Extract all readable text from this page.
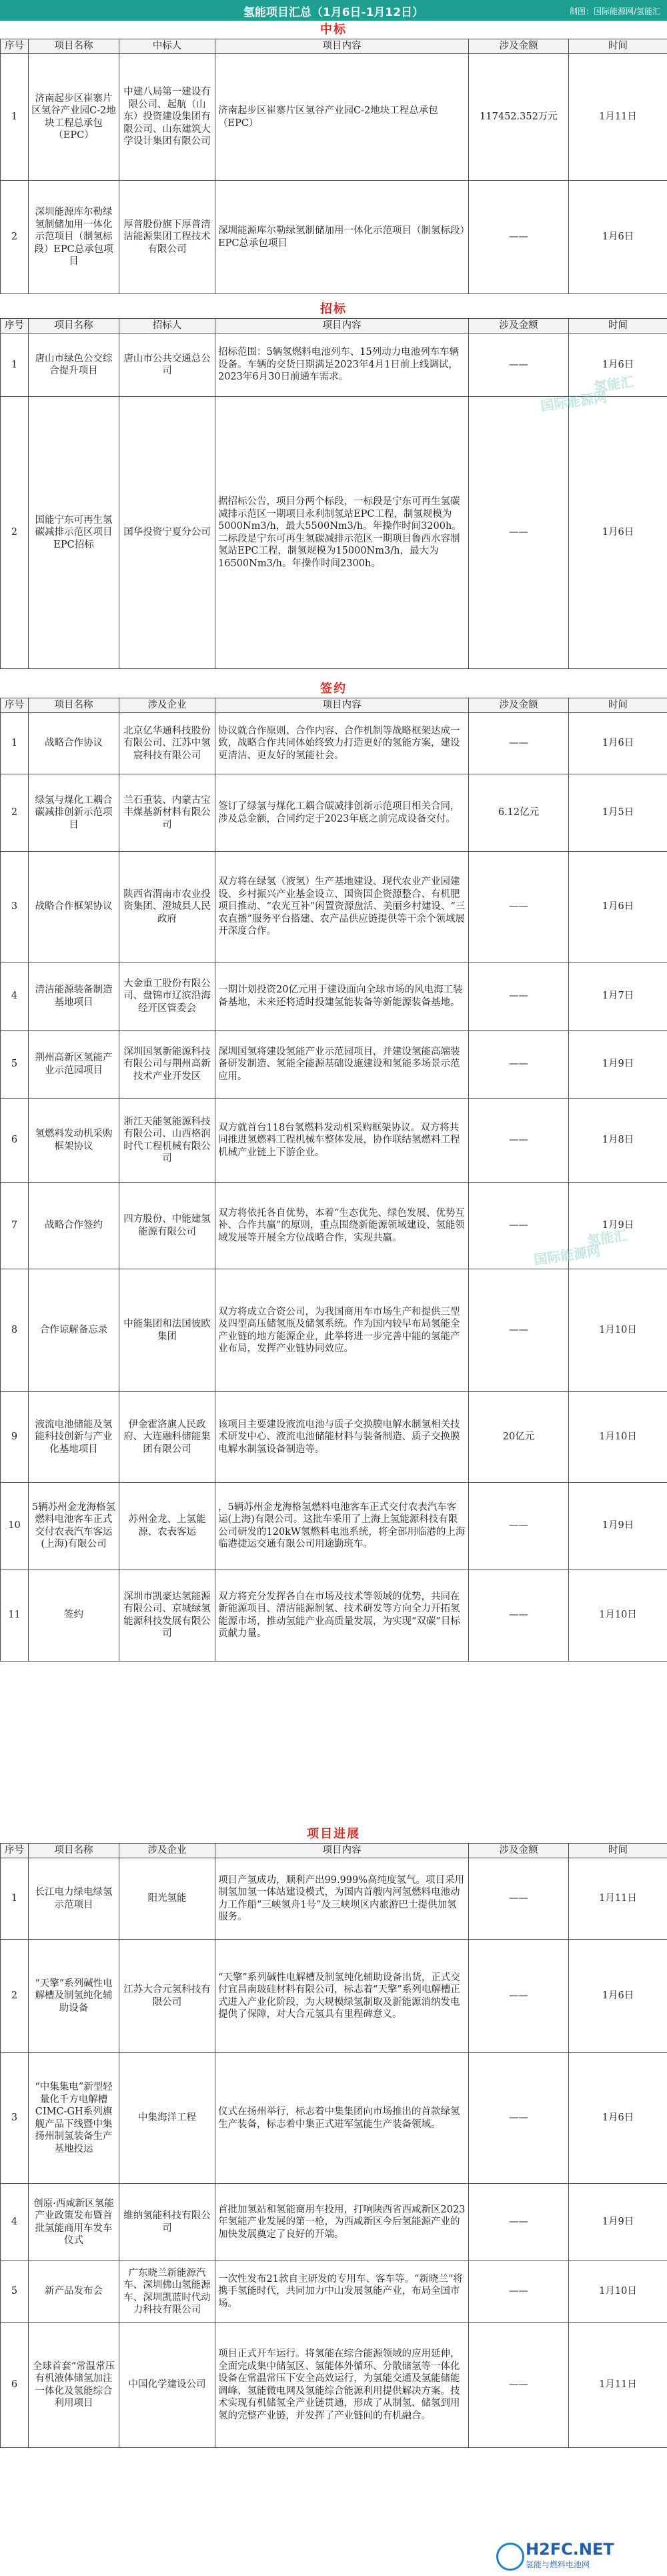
氢能项目汇总（1月6日-1月12日）	制图：国际能源网/氢能汇
中标
序号	项目名称	中标人	项目内容	涉及金额	时间
1	济南起步区崔寨片区氢谷产业园C-2地块工程总承包（EPC）	中建八局第一建设有限公司、起航（山东）投资建设集团有限公司、山东建筑大学设计集团有限公司	济南起步区崔寨片区氢谷产业园C-2地块工程总承包（EPC）	117452.352万元	1月11日
2	深圳能源库尔勒绿氢制储加用一体化示范项目（制氢标段）EPC总承包项目	厚普股份旗下厚普清洁能源集团工程技术有限公司	深圳能源库尔勒绿氢制储加用一体化示范项目（制氢标段）EPC总承包项目	——	1月6日
招标
序号	项目名称	招标人	项目内容	涉及金额	时间
1	唐山市绿色公交综合提升项目	唐山市公共交通总公司	招标范围：5辆氢燃料电池列车、15列动力电池列车车辆设备。车辆的交货日期满足2023年4月1日前上线调试，2023年6月30日前通车需求。	——	1月6日
2	国能宁东可再生氢碳减排示范区项目EPC招标	国华投资宁夏分公司	据招标公告，项目分两个标段，一标段是宁东可再生氢碳减排示范区一期项目永利制氢站EPC工程，制氢规模为5000Nm3/h，最大5500Nm3/h。年操作时间3200h。二标段是宁东可再生氢碳减排示范区一期项目鲁西水容制氢站EPC工程，制氢规模为15000Nm3/h，最大为16500Nm3/h。年操作时间2300h。	——	1月6日
签约
序号	项目名称	涉及企业	项目内容	涉及金额	时间
1	战略合作协议	北京亿华通科技股份有限公司、江苏中氢宸科技有限公司	协议就合作原则、合作内容、合作机制等战略框架达成一致，战略合作共同体始终致力打造更好的氢能方案，建设更清洁、更友好的氢能社会。	——	1月6日
2	绿氢与煤化工耦合碳减排创新示范项目	兰石重装、内蒙古宝丰煤基新材料有限公司	签订了绿氢与煤化工耦合碳减排创新示范项目相关合同，涉及总金额，合同约定于2023年底之前完成设备交付。	6.12亿元	1月5日
3	战略合作框架协议	陕西省渭南市农业投资集团、澄城县人民政府	双方将在绿氢（液氢）生产基地建设、现代农业产业园建设、乡村振兴产业基金设立、国资国企资源整合、有机肥项目推动、“农光互补”闲置资源盘活、美丽乡村建设、“三农直播”服务平台搭建、农产品供应链提供等干余个领域展开深度合作。	——	1月6日
4	清洁能源装备制造基地项目	大金重工股份有限公司、盘锦市辽滨沿海经开区管委会	一期计划投资20亿元用于建设面向全球市场的风电海工装备基地，未来还将适时投建氢能装备等新能源装备基地。	——	1月7日
5	荆州高新区氢能产业示范园项目	深圳国氢新能源科技有限公司与荆州高新技术产业开发区	深圳国氢将建设氢能产业示范园项目，并建设氢能高端装备研发制造、氢能全能源基础设施建设和氢能多场景示范应用。	——	1月9日
6	氢燃料发动机采购框架协议	浙江天能氢能源科技有限公司、山西格润时代工程机械有限公司	双方就首台118台氢燃料发动机采购框架协议。双方将共同推进氢燃料工程机械车整体发展，协作联结氢燃料工程机械产业链上下游企业。	——	1月8日
7	战略合作签约	四方股份、中能建氢能源有限公司	双方将依托各自优势，本着“生态优先、绿色发展、优势互补、合作共赢”的原则，重点围绕新能源领域建设、氢能领域发展等开展全方位战略合作，实现共赢。	——	1月9日
8	合作谅解备忘录	中能集团和法国彼欧集团	双方将成立合资公司，为我国商用车市场生产和提供三型及四型高压储氢瓶及储氢系统。作为国内较早布局氢能全产业链的地方能源企业，此举将进一步完善中能的氢能产业布局，发挥产业链协同效应。	——	1月10日
9	液流电池储能及氢能科技创新与产业化基地项目	伊金霍洛旗人民政府、大连融科储能集团有限公司	该项目主要建设液流电池与质子交换膜电解水制氢相关技术研发中心、液流电池储能材料与装备制造、质子交换膜电解水制氢设备制造等。	20亿元	1月10日
10	5辆苏州金龙海格氢燃料电池客车正式交付农表汽车客运(上海)有限公司	苏州金龙、上氢能源、农表客运	，5辆苏州金龙海格氢燃料电池客车正式交付农表汽车客运(上海)有限公司。这批车采用了上海上氢能源科技有限公司研发的120kW氢燃料电池系统，将全部用临港的上海临港捷运交通有限公司用途勤班车。	——	1月9日
11	签约	深圳市凯豪达氢能源有限公司、京城绿氢能源科技发展有限公司	双方将充分发挥各自在市场及技术等领域的优势，共同在新能源项目、清洁能源制氢、技术研发等方向全力开拓氢能源市场，推动氢能产业高质量发展，为实现“双碳”目标贡献力量。	——	1月10日
项目进展
序号	项目名称	涉及企业	项目内容	涉及金额	时间
1	长江电力绿电绿氢示范项目	阳光氢能	项目产氢成功，顺利产出99.999%高纯度氢气。项目采用制氢加氢一体站建设模式，为国内首艘内河氢燃料电池动力工作船“三峡氢舟1号”及三峡坝区内旅游巴士提供加氢服务。	——	1月11日
2	“天擎”系列碱性电解槽及制氢纯化辅助设备	江苏大合元氢科技有限公司	“天擎”系列碱性电解槽及制氢纯化辅助设备出货，正式交付宜昌南玻硅材料有限公司，标志着“天擎”系列电解槽正式进入产业化阶段，为大规模绿氢制取及新能源消纳发电提供了保障，对大合元氢具有里程碑意义。	——	1月6日
3	“中集集电”新型轻量化千方电解槽CIMC-GH系列旗舰产品下线暨中集扬州制氢装备生产基地投运	中集海洋工程	仪式在扬州举行，标志着中集集团向市场推出的首款绿氢生产装备，标志着中集正式进军氢能生产装备领域。	——	1月6日
4	创原·西咸新区氢能产业政策发布暨首批氢能商用车发车仪式	维纳氢能科技有限公司	首批加氢站和氢能商用车投用，打响陕西省西咸新区2023年氢能产业发展的第一枪，为西咸新区今后氢能源产业的加快发展奠定了良好的开端。	——	1月9日
5	新产品发布会	广东晓兰新能源汽车、深圳佛山氢能源车、深圳凯蓝时代动力科技有限公司	一次性发布21款自主研发的专用车、客车等。“新晓兰”将携手氢能时代，共同加力中山发展氢能产业，布局全国市场。	——	1月10日
6	全球首套“常温常压有机液体储氢加注一体化及氢能综合利用项目	中国化学建设公司	项目正式开车运行。将氢能在综合能源领域的应用延伸，全面完成集中储氢区、氢能体外循环、分散储氢等一体化设备在常温常压下安全高效运行，为氢能交通及氢能储能调峰、氢能微电网及氢能综合能源利用提供解决方案。技术实现有机储氢全产业链贯通，形成了从制氢、储氢到用氢的完整产业链，并发挥了产业链间的有机融合。	——	1月11日
氢能汇
国际能源网
氢能汇
国际能源网
H2FC.NET
氢能与燃料电池网
